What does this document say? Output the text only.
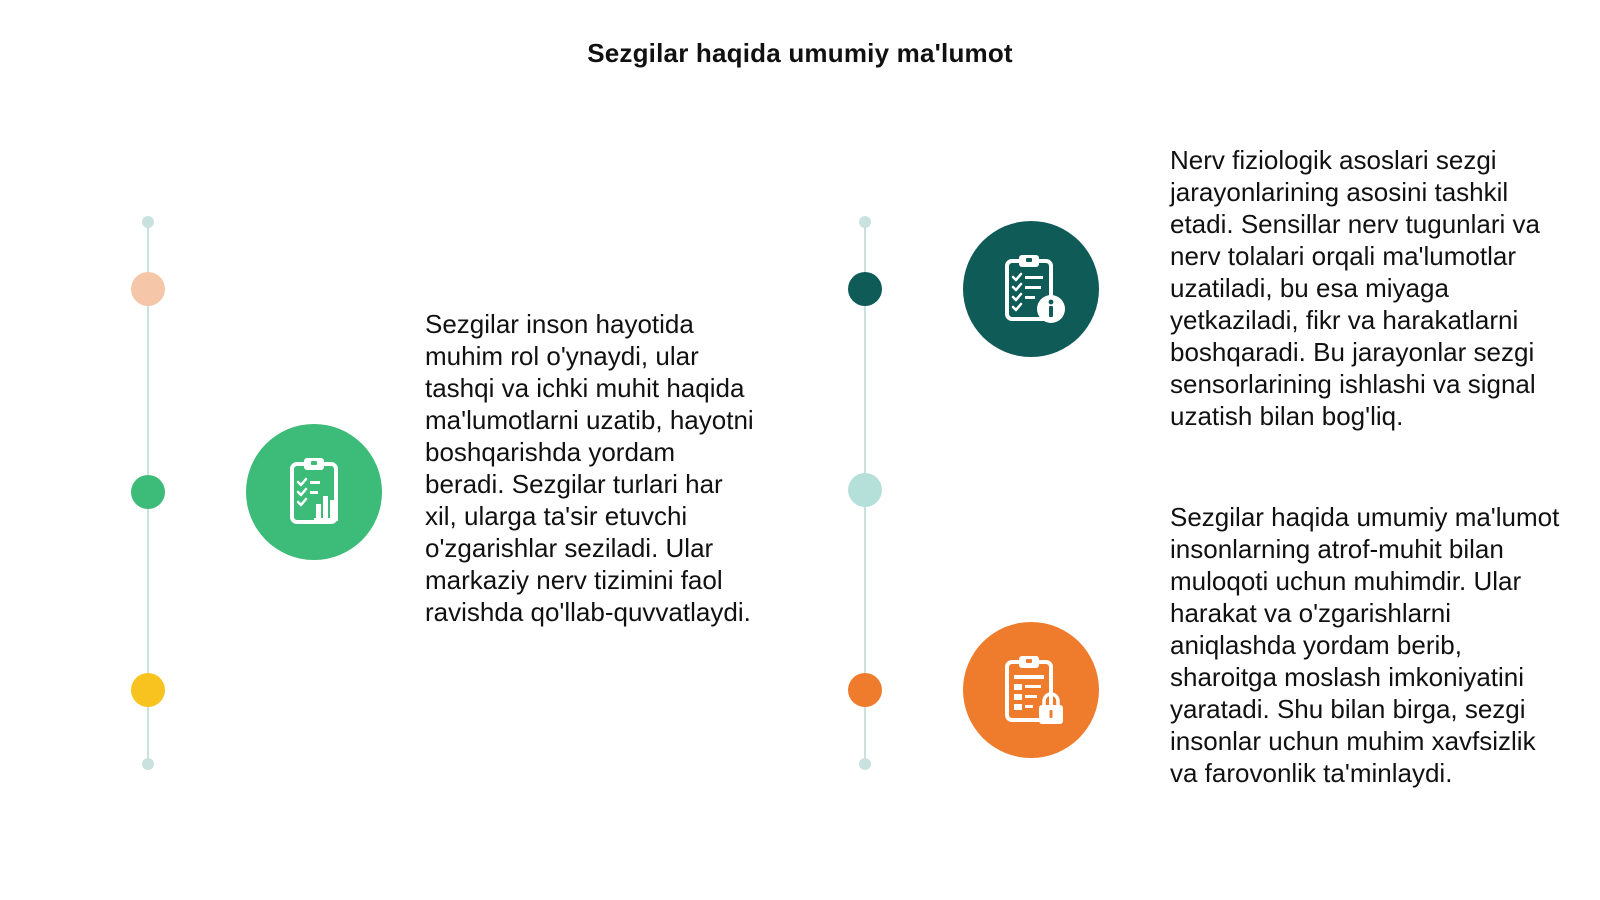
Sezgilar haqida umumiy ma'lumot

Sezgilar inson hayotida muhim rol o'ynaydi, ular tashqi va ichki muhit haqida ma'lumotlarni uzatib, hayotni boshqarishda yordam beradi. Sezgilar turlari har xil, ularga ta'sir etuvchi o'zgarishlar seziladi. Ular markaziy nerv tizimini faol ravishda qo'llab-quvvatlaydi.

Nerv fiziologik asoslari sezgi jarayonlarining asosini tashkil etadi. Sensillar nerv tugunlari va nerv tolalari orqali ma'lumotlar uzatiladi, bu esa miyaga yetkaziladi, fikr va harakatlarni boshqaradi. Bu jarayonlar sezgi sensorlarining ishlashi va signal uzatish bilan bog'liq.

Sezgilar haqida umumiy ma'lumot insonlarning atrof-muhit bilan muloqoti uchun muhimdir. Ular harakat va o'zgarishlarni aniqlashda yordam berib, sharoitga moslash imkoniyatini yaratadi. Shu bilan birga, sezgi insonlar uchun muhim xavfsizlik va farovonlik ta'minlaydi.
